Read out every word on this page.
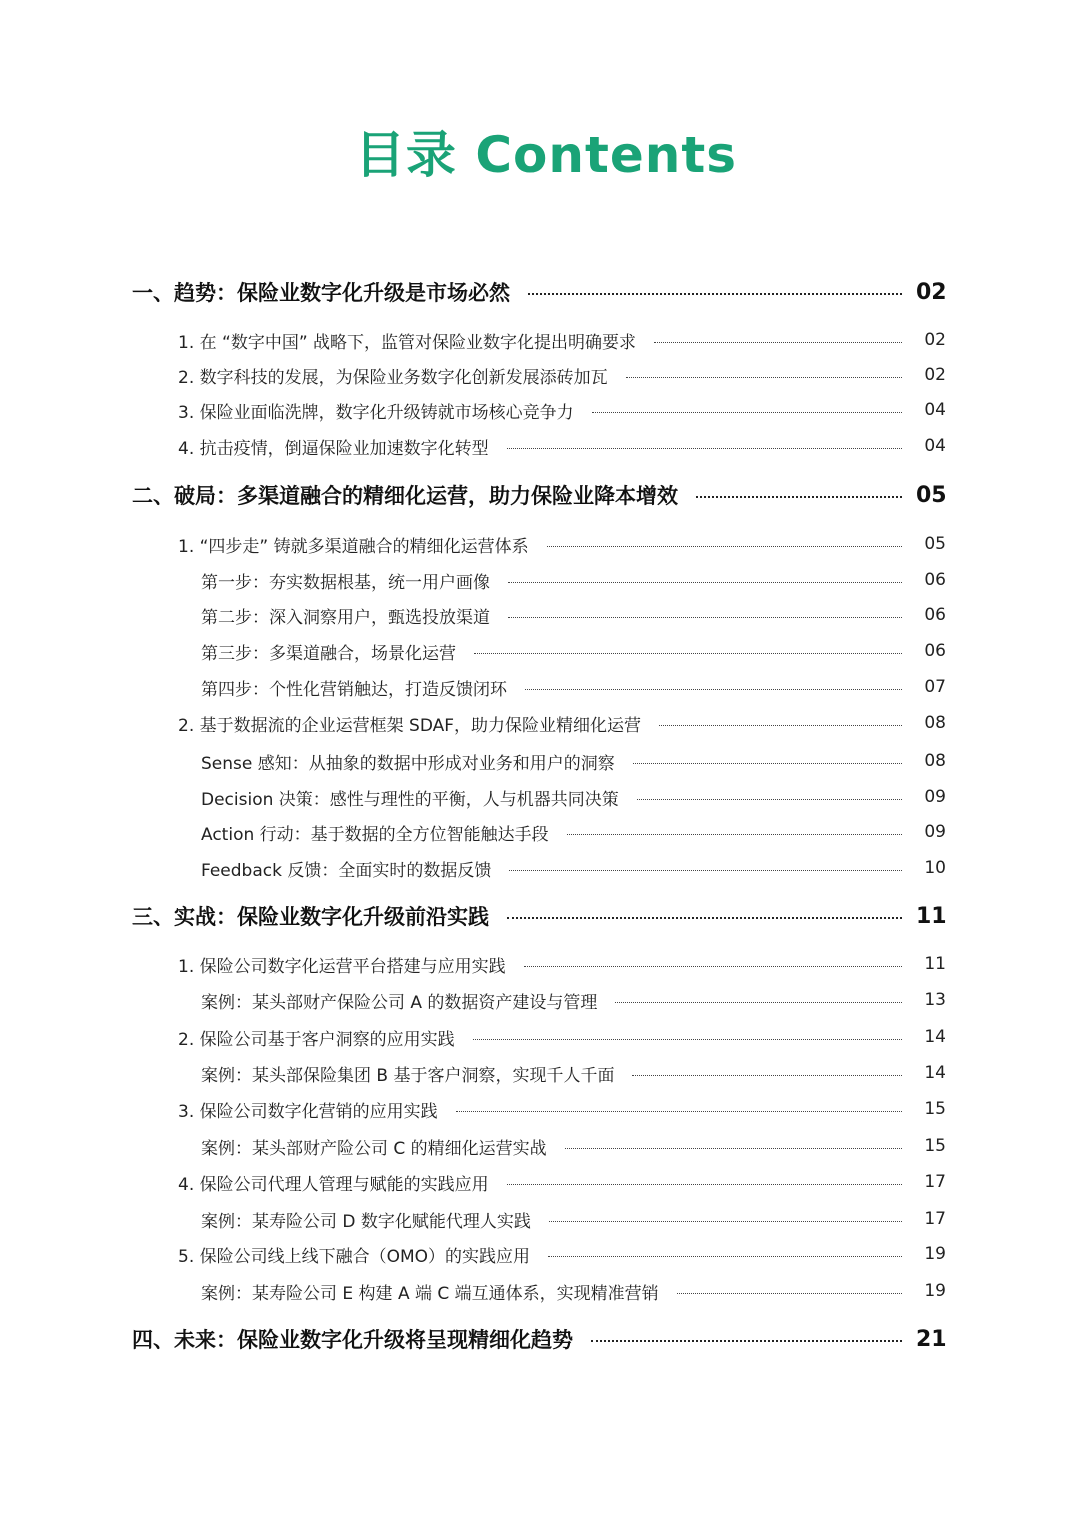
目录 Contents
一、趋势：保险业数字化升级是市场必然	02
1. 在 “数字中国” 战略下，监管对保险业数字化提出明确要求	02
2. 数字科技的发展，为保险业务数字化创新发展添砖加瓦	02
3. 保险业面临洗牌，数字化升级铸就市场核心竞争力	04
4. 抗击疫情，倒逼保险业加速数字化转型	04
二、破局：多渠道融合的精细化运营，助力保险业降本增效	05
1. “四步走” 铸就多渠道融合的精细化运营体系	05
第一步：夯实数据根基，统一用户画像	06
第二步：深入洞察用户，甄选投放渠道	06
第三步：多渠道融合，场景化运营	06
第四步：个性化营销触达，打造反馈闭环	07
2. 基于数据流的企业运营框架 SDAF，助力保险业精细化运营	08
Sense 感知：从抽象的数据中形成对业务和用户的洞察	08
Decision 决策：感性与理性的平衡，人与机器共同决策	09
Action 行动：基于数据的全方位智能触达手段	09
Feedback 反馈：全面实时的数据反馈	10
三、实战：保险业数字化升级前沿实践	11
1. 保险公司数字化运营平台搭建与应用实践	11
案例：某头部财产保险公司 A 的数据资产建设与管理	13
2. 保险公司基于客户洞察的应用实践	14
案例：某头部保险集团 B 基于客户洞察，实现千人千面	14
3. 保险公司数字化营销的应用实践	15
案例：某头部财产险公司 C 的精细化运营实战	15
4. 保险公司代理人管理与赋能的实践应用	17
案例：某寿险公司 D 数字化赋能代理人实践	17
5. 保险公司线上线下融合（OMO）的实践应用	19
案例：某寿险公司 E 构建 A 端 C 端互通体系，实现精准营销	19
四、未来：保险业数字化升级将呈现精细化趋势	21
